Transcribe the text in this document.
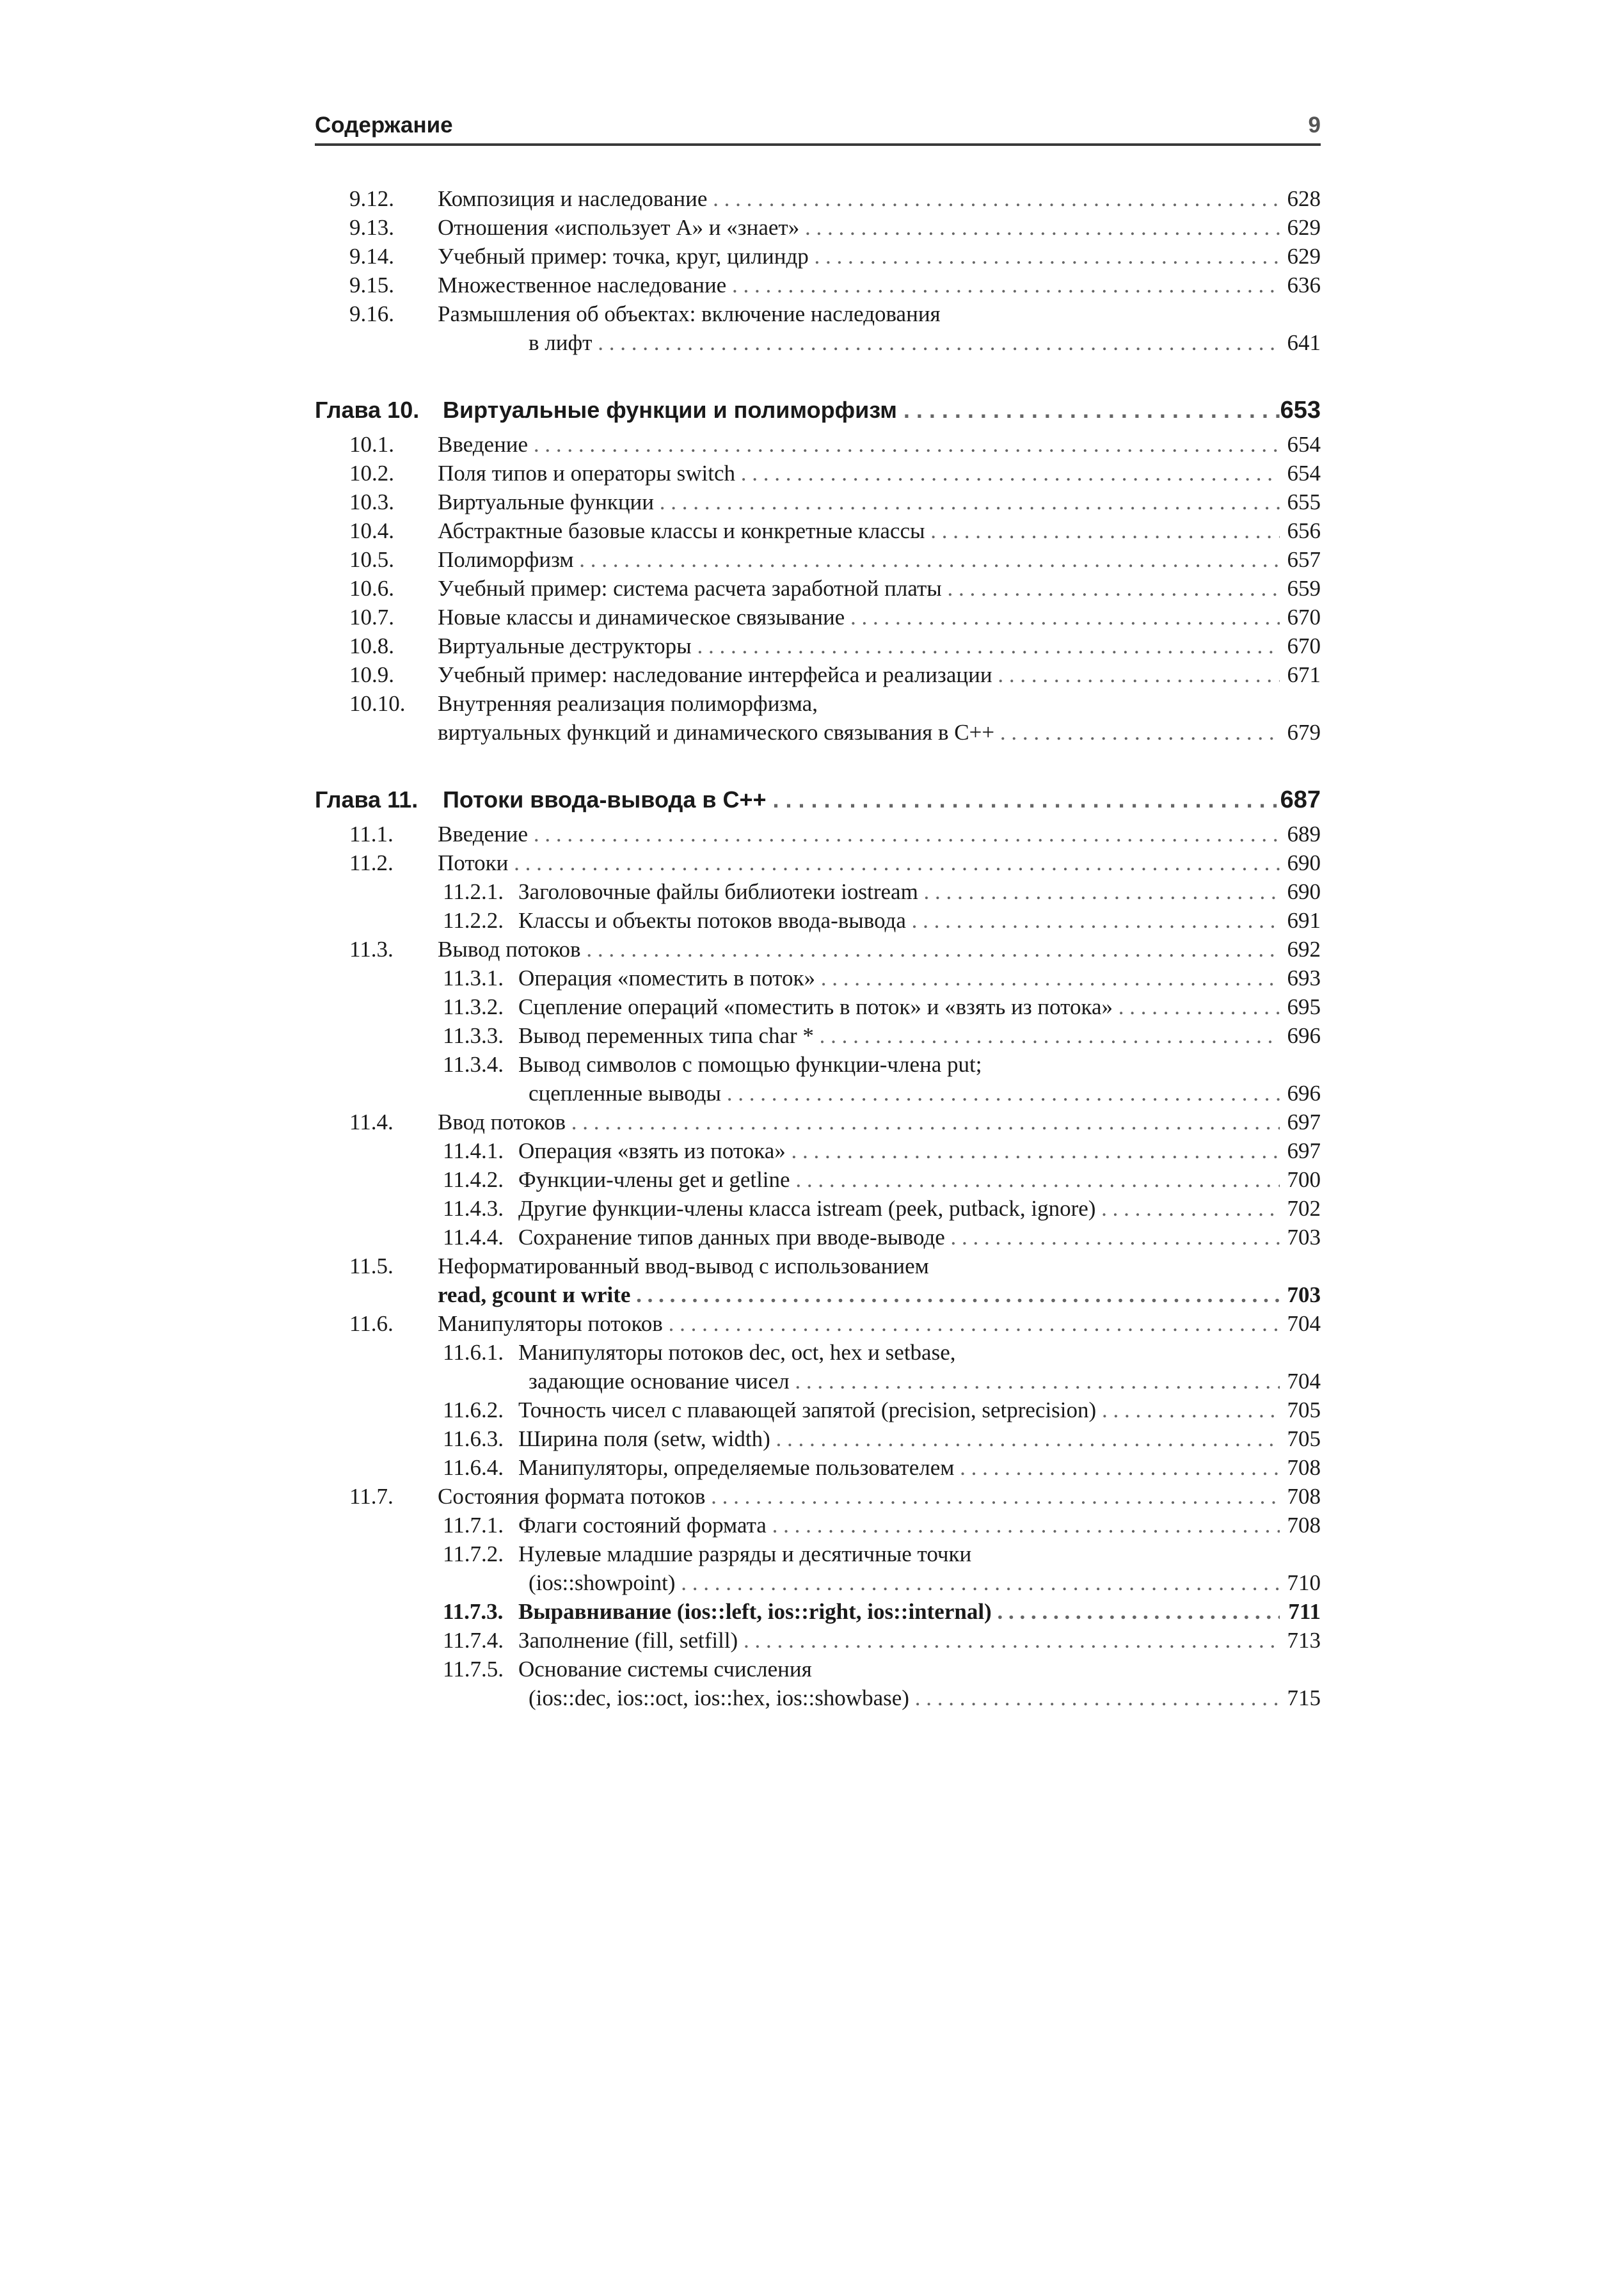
Содержание	9
9.12. Композиция и наследование . . .	628
9.13. Отношения «использует А» и «знает» . . .	629
9.14. Учебный пример: точка, круг, цилиндр . . .	629
9.15. Множественное наследование . . .	636
9.16. Размышления об объектах: включение наследования
в лифт . . .	641
Глава 10. Виртуальные функции и полиморфизм . . .	653
10.1. Введение . . .	654
10.2. Поля типов и операторы switch . . .	654
10.3. Виртуальные функции . . .	655
10.4. Абстрактные базовые классы и конкретные классы . . .	656
10.5. Полиморфизм . . .	657
10.6. Учебный пример: система расчета заработной платы . . .	659
10.7. Новые классы и динамическое связывание . . .	670
10.8. Виртуальные деструкторы . . .	670
10.9. Учебный пример: наследование интерфейса и реализации . . .	671
10.10. Внутренняя реализация полиморфизма,
виртуальных функций и динамического связывания в С++ . . .	679
Глава 11. Потоки ввода-вывода в С++ . . .	687
11.1. Введение . . .	689
11.2. Потоки . . .	690
11.2.1. Заголовочные файлы библиотеки iostream . . .	690
11.2.2. Классы и объекты потоков ввода-вывода . . .	691
11.3. Вывод потоков . . .	692
11.3.1. Операция «поместить в поток» . . .	693
11.3.2. Сцепление операций «поместить в поток» и «взять из потока» . . .	695
11.3.3. Вывод переменных типа char * . . .	696
11.3.4. Вывод символов с помощью функции-члена put;
сцепленные выводы . . .	696
11.4. Ввод потоков . . .	697
11.4.1. Операция «взять из потока» . . .	697
11.4.2. Функции-члены get и getline . . .	700
11.4.3. Другие функции-члены класса istream (peek, putback, ignore) . . .	702
11.4.4. Сохранение типов данных при вводе-выводе . . .	703
11.5. Неформатированный ввод-вывод с использованием
read, gcount и write . . .	703
11.6. Манипуляторы потоков . . .	704
11.6.1. Манипуляторы потоков dec, oct, hex и setbase,
задающие основание чисел . . .	704
11.6.2. Точность чисел с плавающей запятой (precision, setprecision) . . .	705
11.6.3. Ширина поля (setw, width) . . .	705
11.6.4. Манипуляторы, определяемые пользователем . . .	708
11.7. Состояния формата потоков . . .	708
11.7.1. Флаги состояний формата . . .	708
11.7.2. Нулевые младшие разряды и десятичные точки
(ios::showpoint) . . .	710
11.7.3. Выравнивание (ios::left, ios::right, ios::internal) . . .	711
11.7.4. Заполнение (fill, setfill) . . .	713
11.7.5. Основание системы счисления
(ios::dec, ios::oct, ios::hex, ios::showbase) . . .	715
